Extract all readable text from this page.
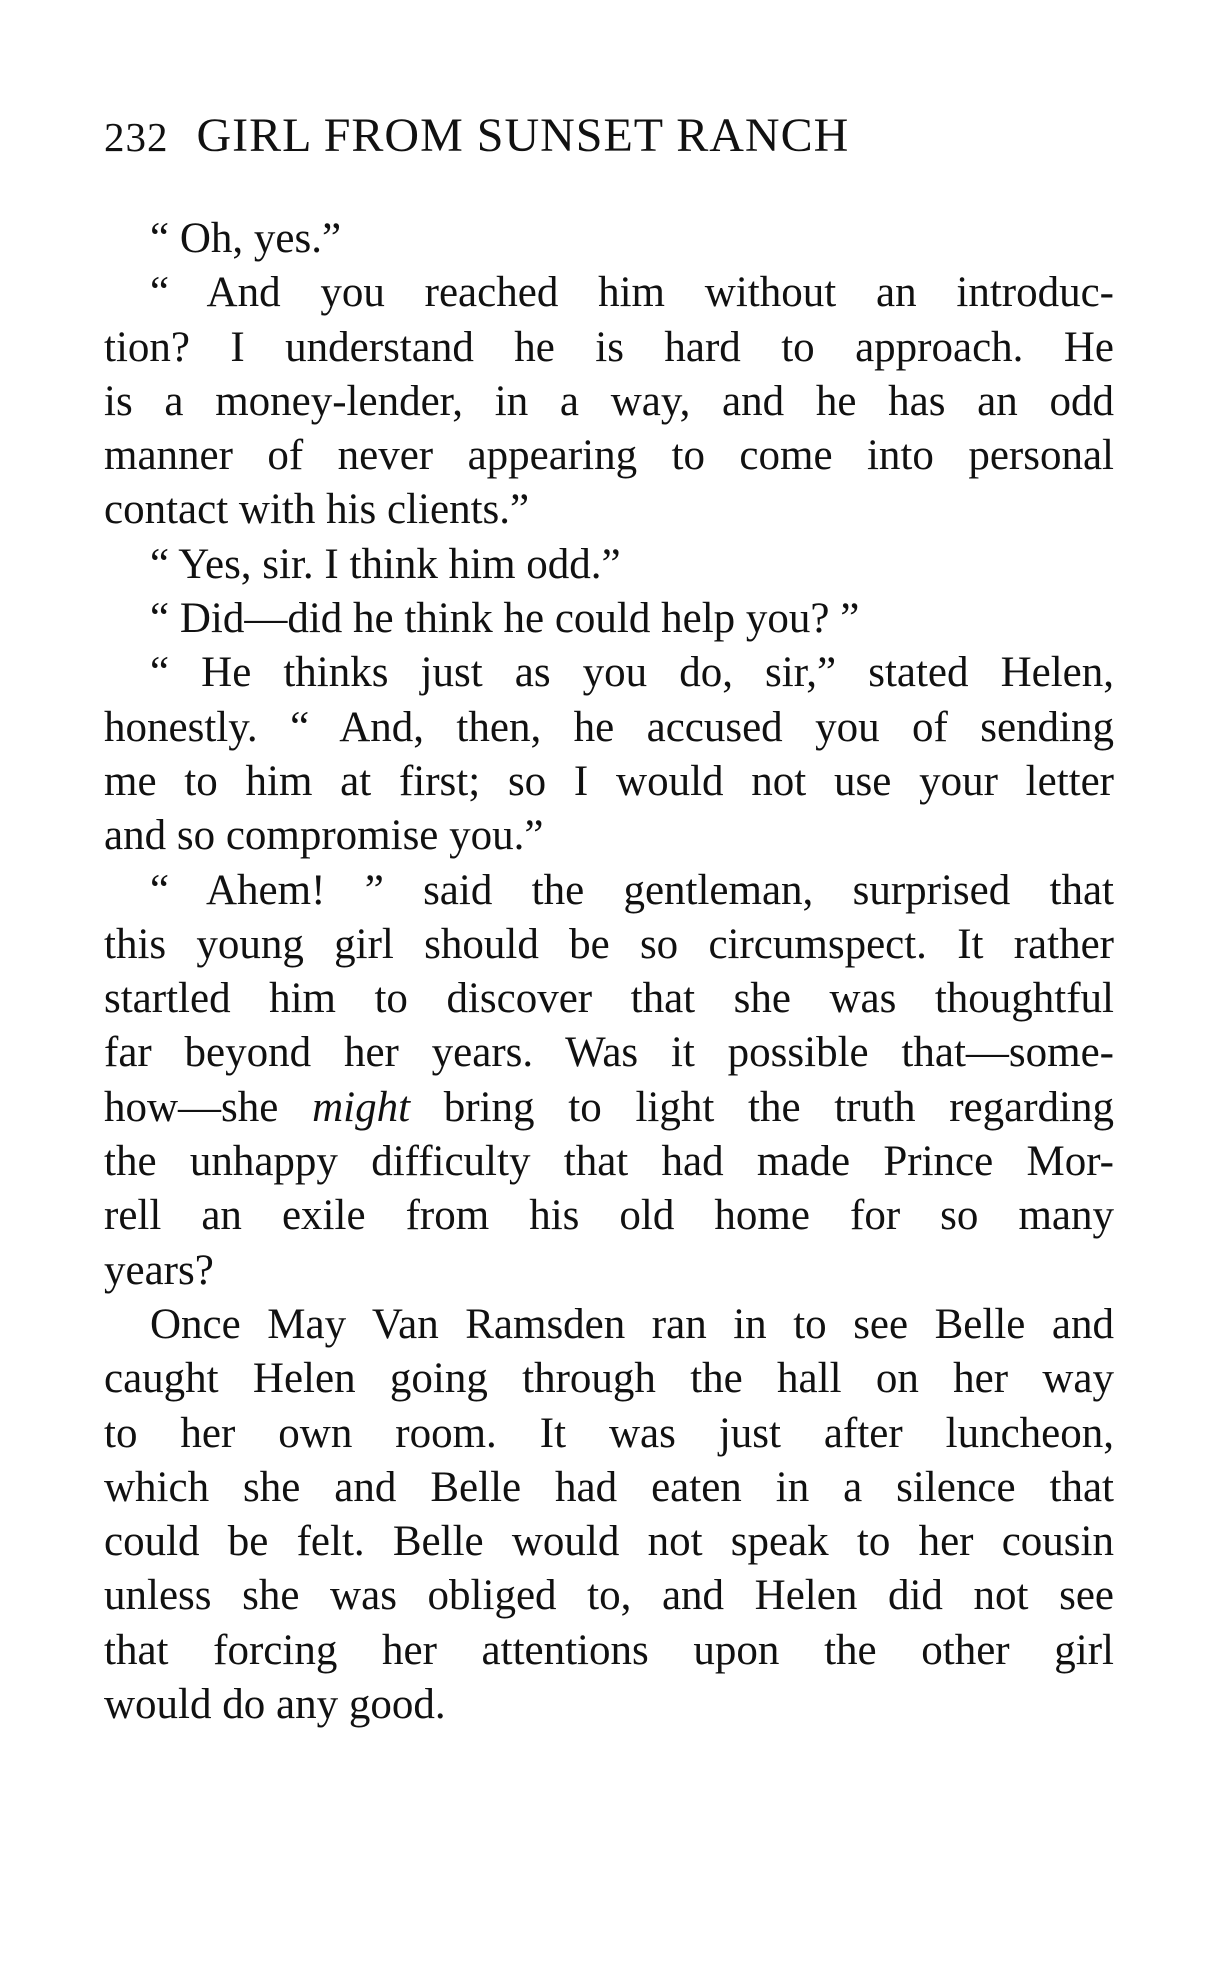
232 GIRL FROM SUNSET RANCH
“ Oh, yes.”
“ And you reached him without an introduc-
tion? I understand he is hard to approach. He
is a money-lender, in a way, and he has an odd
manner of never appearing to come into personal
contact with his clients.”
“ Yes, sir. I think him odd.”
“ Did—did he think he could help you? ”
“ He thinks just as you do, sir,” stated Helen,
honestly. “ And, then, he accused you of sending
me to him at first; so I would not use your letter
and so compromise you.”
“ Ahem! ” said the gentleman, surprised that
this young girl should be so circumspect. It rather
startled him to discover that she was thoughtful
far beyond her years. Was it possible that—some-
how—she might bring to light the truth regarding
the unhappy difficulty that had made Prince Mor-
rell an exile from his old home for so many
years?
Once May Van Ramsden ran in to see Belle and
caught Helen going through the hall on her way
to her own room. It was just after luncheon,
which she and Belle had eaten in a silence that
could be felt. Belle would not speak to her cousin
unless she was obliged to, and Helen did not see
that forcing her attentions upon the other girl
would do any good.
